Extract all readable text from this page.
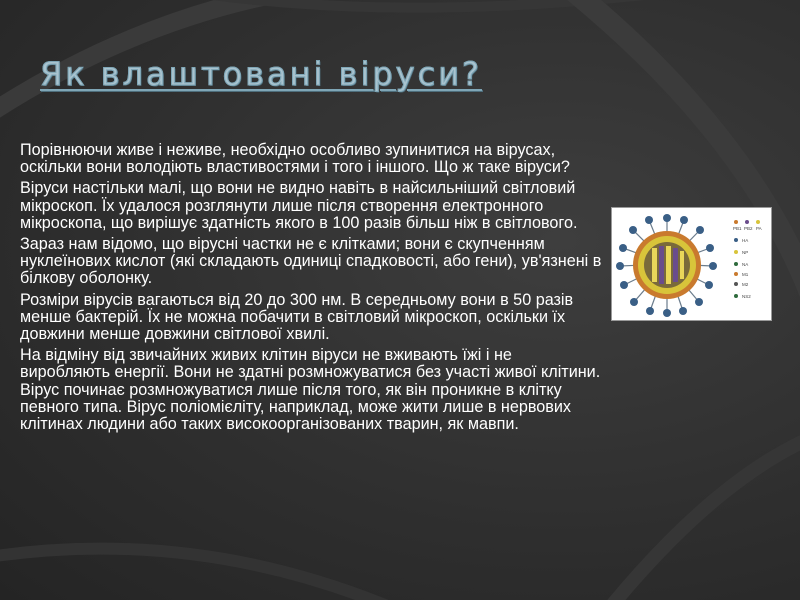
Як влаштовані віруси?

Порівнюючи живе і неживе, необхідно особливо зупинитися на вірусах, оскільки вони володіють властивостями і того і іншого. Що ж таке віруси?

Віруси настільки малі, що вони не видно навіть в найсильніший світловий мікроскоп. Їх удалося розглянути лише після створення електронного мікроскопа, що вирішує здатність якого в 100 разів більш ніж в світлового.

Зараз нам відомо, що вірусні частки не є клітками; вони є скупченням нуклеїнових кислот (які складають одиниці спадковості, або гени), ув'язнені в білкову оболонку.

Розміри вірусів вагаються від 20 до 300 нм. В середньому вони в 50 разів менше бактерій. Їх не можна побачити в світловий мікроскоп, оскільки їх довжини менше довжини світлової хвилі.

На відміну від звичайних живих клітин віруси не вживають їжі і не виробляють енергії. Вони не здатні розмножуватися без участі живої клітини. Вірус починає розмножуватися лише після того, як він проникне в клітку певного типа. Вірус поліомієліту, наприклад, може жити лише в нервових клітинах людини або таких високоорганізованих тварин, як мавпи.

PB1 PB2 PA
HA
NP
NA
M1
M2
NS2
